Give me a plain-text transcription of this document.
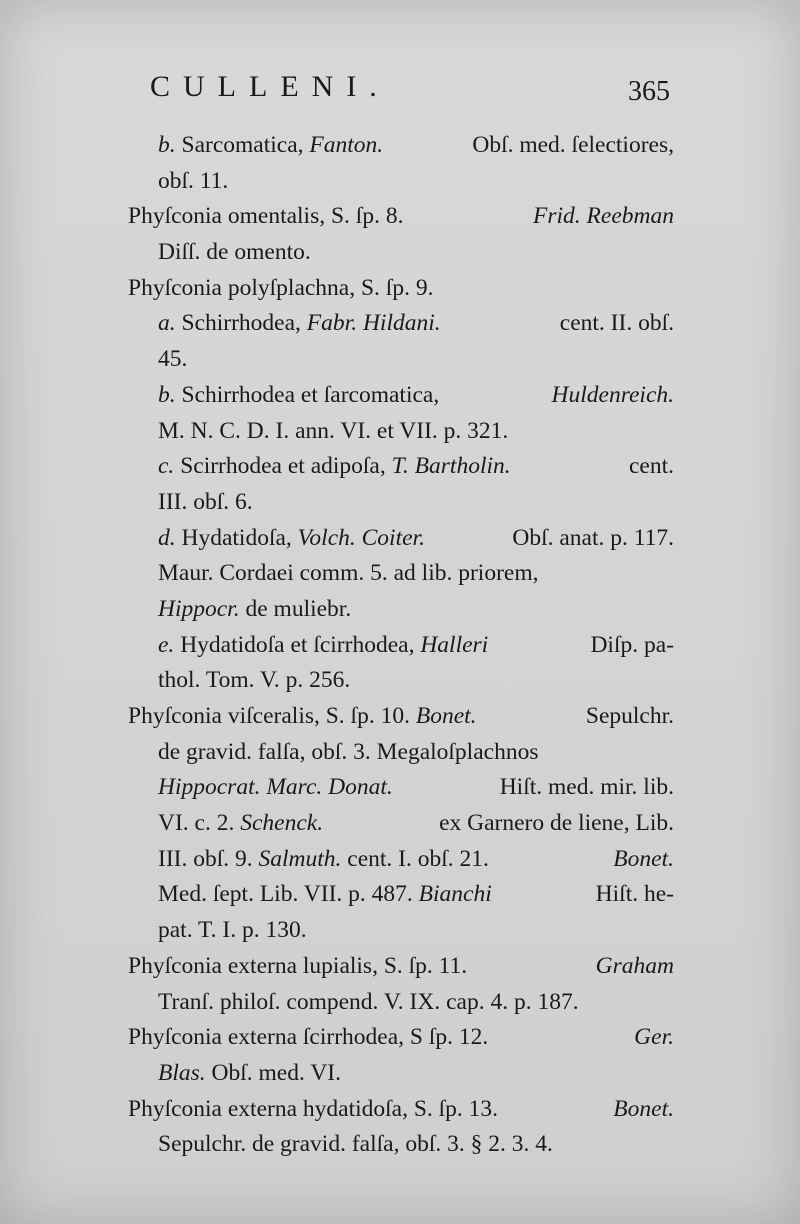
CULLENI.	365
b. Sarcomatica, Fanton.	Obſ. med. ſelectiores,
obſ. 11.
Phyſconia omentalis, S. ſp. 8.	Frid. Reebman
Diſſ. de omento.
Phyſconia polyſplachna, S. ſp. 9.
a. Schirrhodea, Fabr. Hildani.	cent. II. obſ.
45.
b. Schirrhodea et ſarcomatica,	Huldenreich.
M. N. C. D. I. ann. VI. et VII. p. 321.
c. Scirrhodea et adipoſa, T. Bartholin.	cent.
III. obſ. 6.
d. Hydatidoſa, Volch. Coiter.	Obſ. anat. p. 117.
Maur. Cordaei comm. 5. ad lib. priorem,
Hippocr. de muliebr.
e. Hydatidoſa et ſcirrhodea, Halleri	Diſp. pa-
thol. Tom. V. p. 256.
Phyſconia viſceralis, S. ſp. 10. Bonet.	Sepulchr.
de gravid. falſa, obſ. 3. Megaloſplachnos
Hippocrat. Marc. Donat.	Hiſt. med. mir. lib.
VI. c. 2. Schenck.	ex Garnero de liene, Lib.
III. obſ. 9. Salmuth. cent. I. obſ. 21.	Bonet.
Med. ſept. Lib. VII. p. 487. Bianchi	Hiſt. he-
pat. T. I. p. 130.
Phyſconia externa lupialis, S. ſp. 11.	Graham
Tranſ. philoſ. compend. V. IX. cap. 4. p. 187.
Phyſconia externa ſcirrhodea, S ſp. 12.	Ger.
Blas. Obſ. med. VI.
Phyſconia externa hydatidoſa, S. ſp. 13.	Bonet.
Sepulchr. de gravid. falſa, obſ. 3. § 2. 3. 4.
